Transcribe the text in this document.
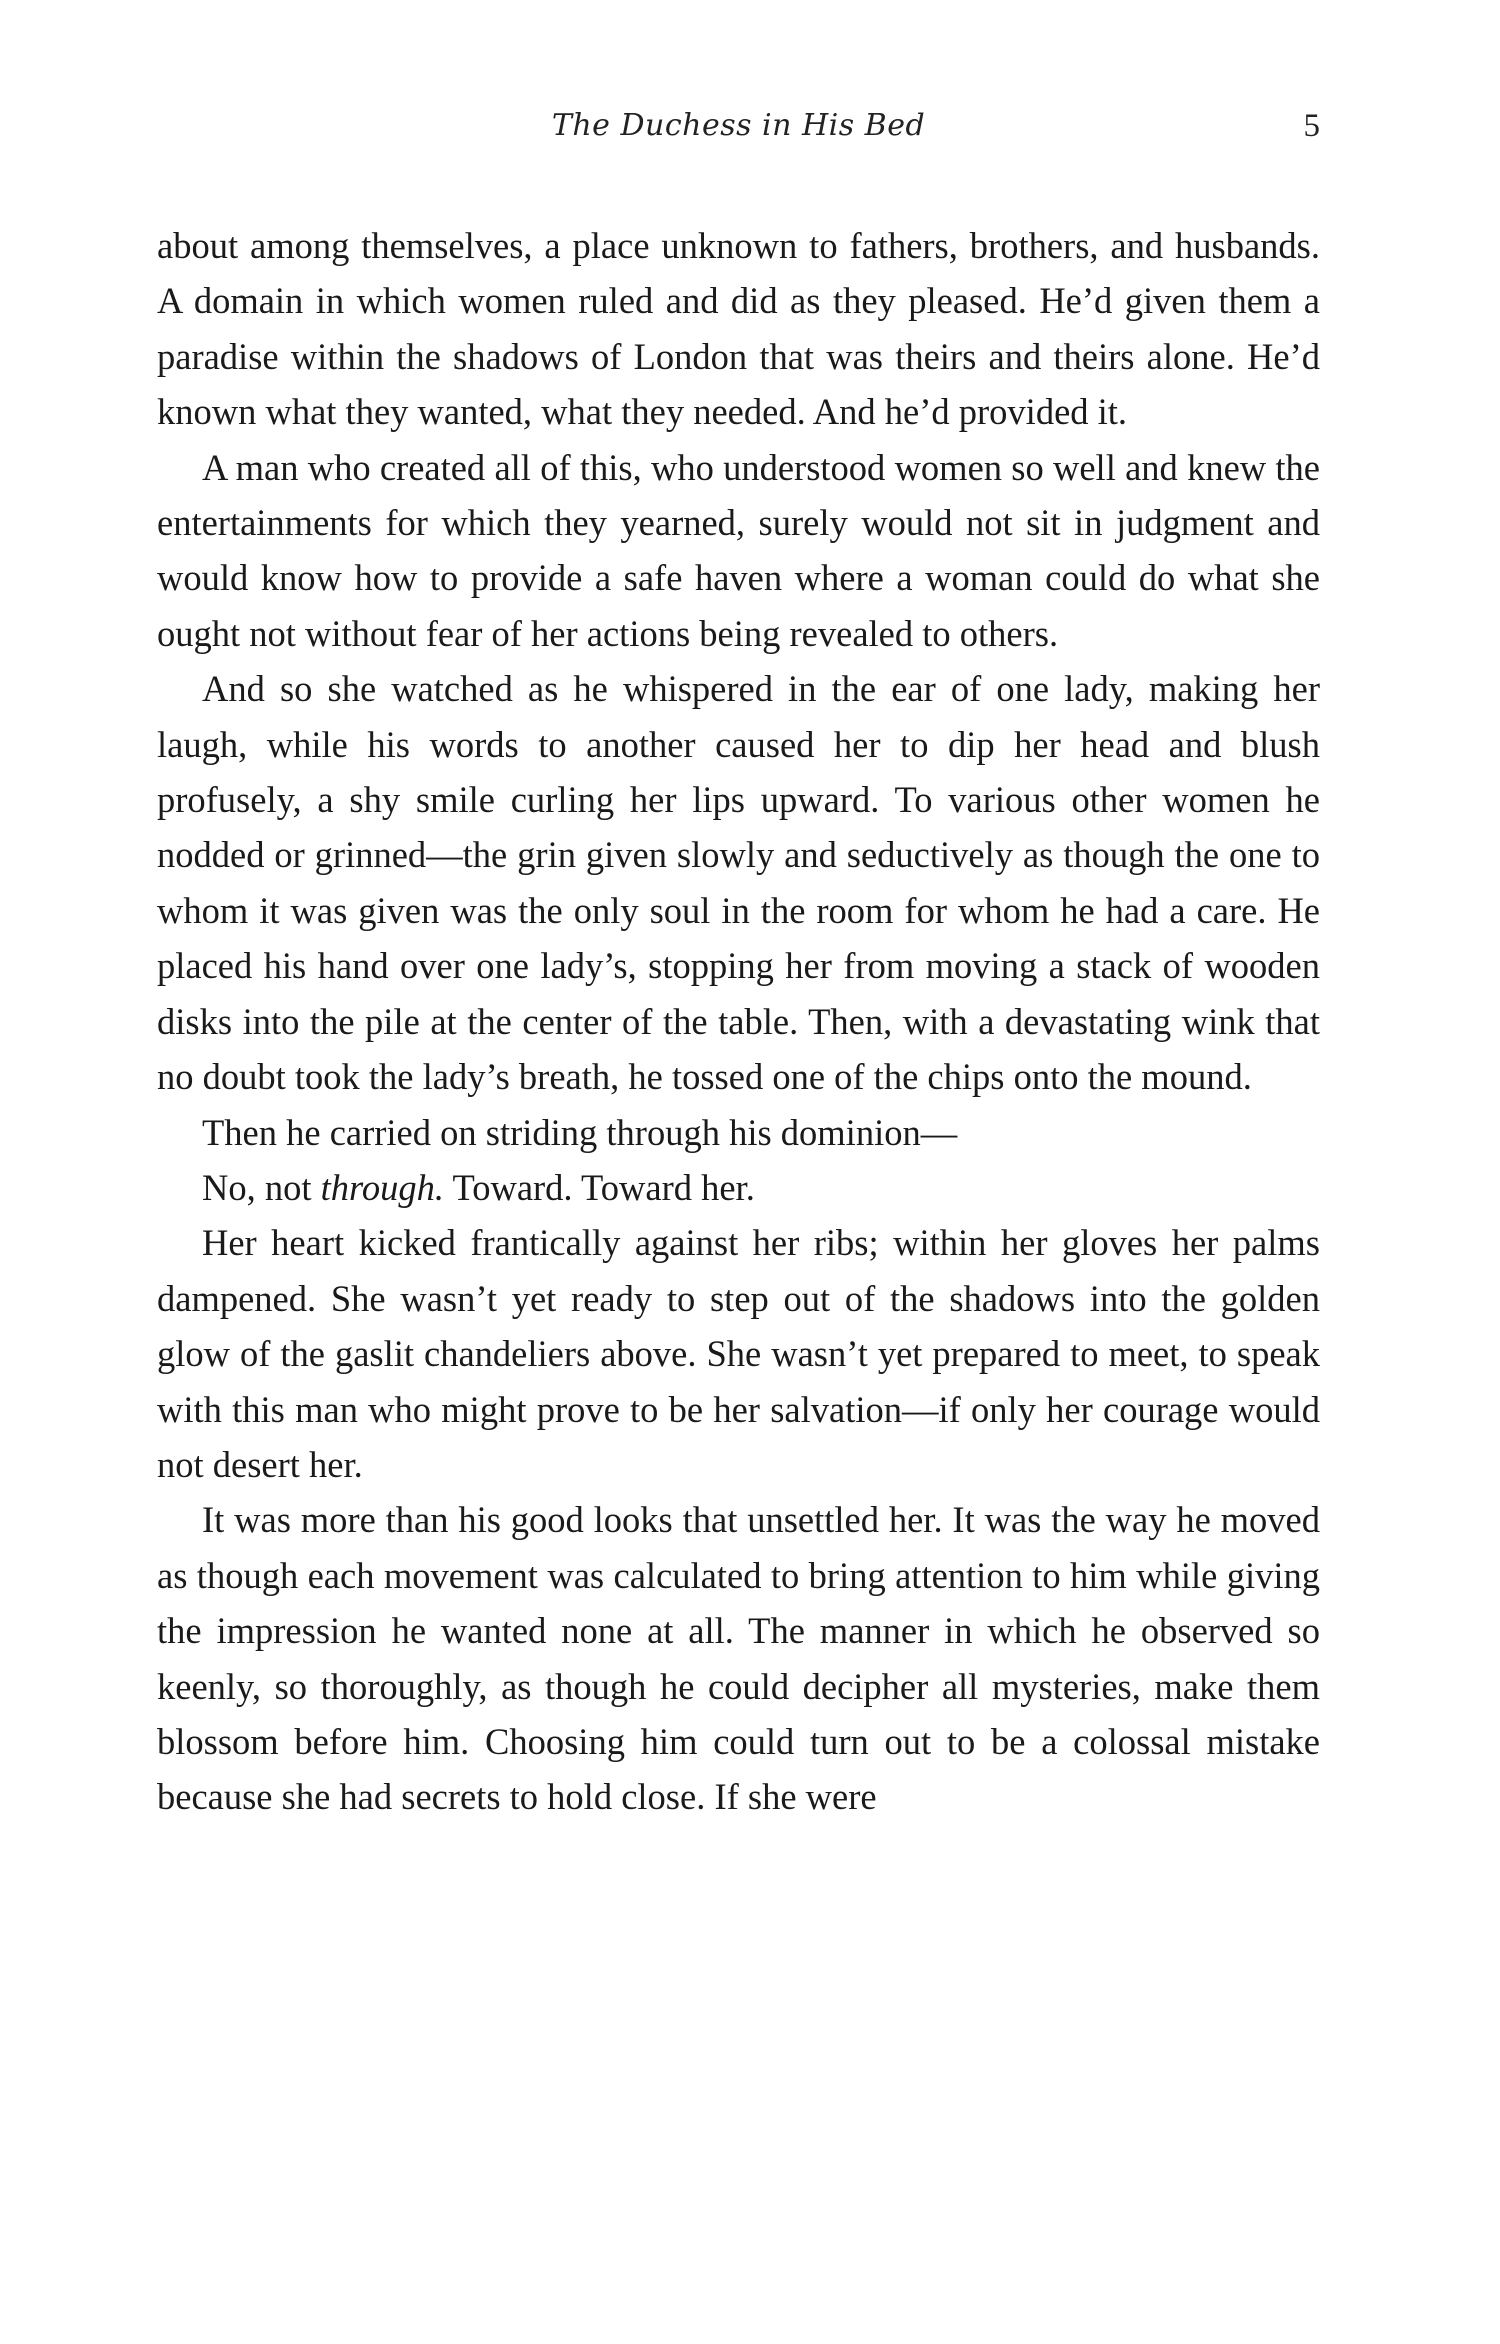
The Duchess in His Bed	5

about among themselves, a place unknown to fathers, brothers, and husbands. A domain in which women ruled and did as they pleased. He’d given them a paradise within the shadows of London that was theirs and theirs alone. He’d known what they wanted, what they needed. And he’d provided it.

A man who created all of this, who understood women so well and knew the entertainments for which they yearned, surely would not sit in judgment and would know how to provide a safe haven where a woman could do what she ought not without fear of her actions being revealed to others.

And so she watched as he whispered in the ear of one lady, making her laugh, while his words to another caused her to dip her head and blush profusely, a shy smile curling her lips upward. To various other women he nodded or grinned—the grin given slowly and seductively as though the one to whom it was given was the only soul in the room for whom he had a care. He placed his hand over one lady’s, stopping her from moving a stack of wooden disks into the pile at the center of the table. Then, with a devastating wink that no doubt took the lady’s breath, he tossed one of the chips onto the mound.

Then he carried on striding through his dominion—

No, not through. Toward. Toward her.

Her heart kicked frantically against her ribs; within her gloves her palms dampened. She wasn’t yet ready to step out of the shadows into the golden glow of the gaslit chandeliers above. She wasn’t yet prepared to meet, to speak with this man who might prove to be her salvation—if only her courage would not desert her.

It was more than his good looks that unsettled her. It was the way he moved as though each movement was calculated to bring attention to him while giving the impression he wanted none at all. The manner in which he observed so keenly, so thoroughly, as though he could decipher all mysteries, make them blossom before him. Choosing him could turn out to be a colossal mistake because she had secrets to hold close. If she were
